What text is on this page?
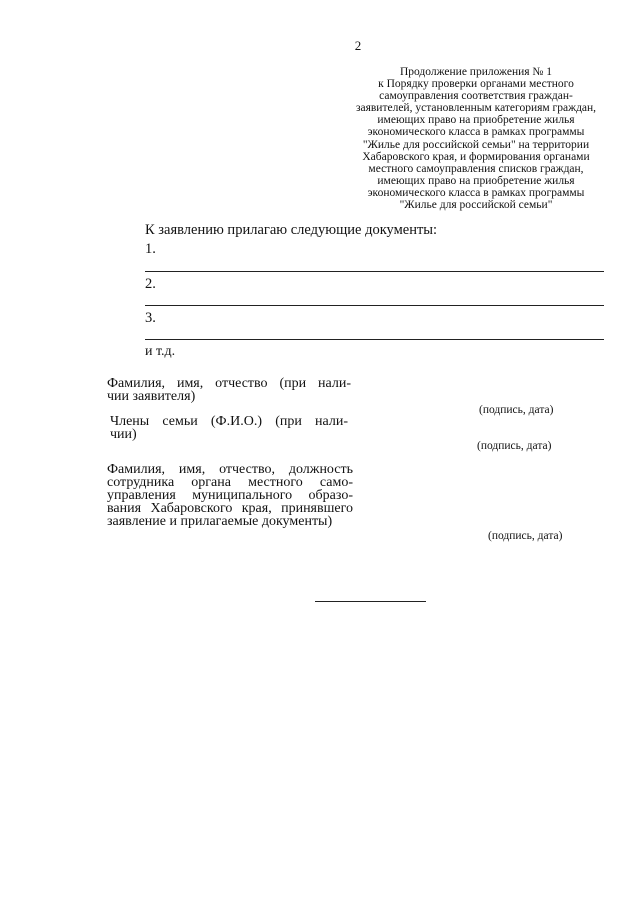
2
Продолжение приложения № 1
к Порядку проверки органами местного
самоуправления соответствия граждан-
заявителей, установленным категориям граждан,
имеющих право на приобретение жилья
экономического класса в рамках программы
"Жилье для российской семьи" на территории
Хабаровского края, и формирования органами
местного самоуправления списков граждан,
имеющих право на приобретение жилья
экономического класса в рамках программы
"Жилье для российской семьи"
К заявлению прилагаю следующие документы:
1.
2.
3.
и т.д.
Фамилия, имя, отчество (при нали-
чии заявителя)
(подпись, дата)
Члены семьи (Ф.И.О.) (при нали-
чии)
(подпись, дата)
Фамилия, имя, отчество, должность
сотрудника органа местного само-
управления муниципального образо-
вания Хабаровского края, принявшего
заявление и прилагаемые документы)
(подпись, дата)
